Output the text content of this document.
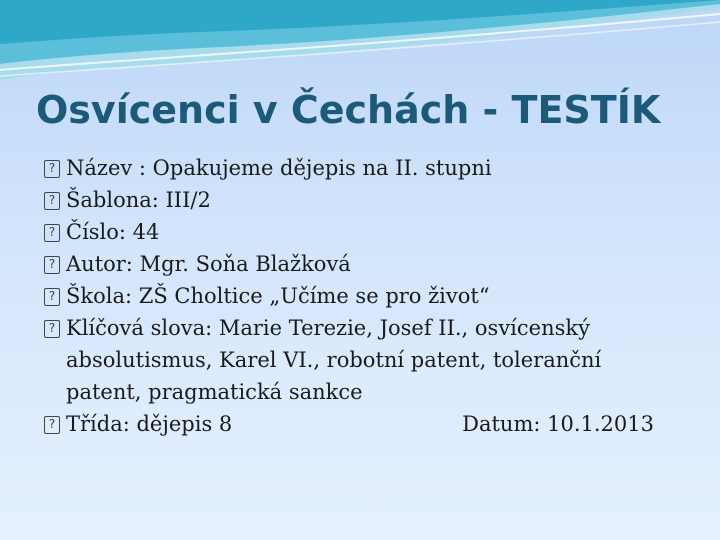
Osvícenci v Čechách - TESTÍK
? Název : Opakujeme dějepis na II. stupni
? Šablona: III/2
? Číslo: 44
? Autor: Mgr. Soňa Blažková
? Škola: ZŠ Choltice „Učíme se pro život“
? Klíčová slova: Marie Terezie, Josef II., osvícenský
absolutismus, Karel VI., robotní patent, toleranční
patent, pragmatická sankce
? Třída: dějepis 8	Datum: 10.1.2013
